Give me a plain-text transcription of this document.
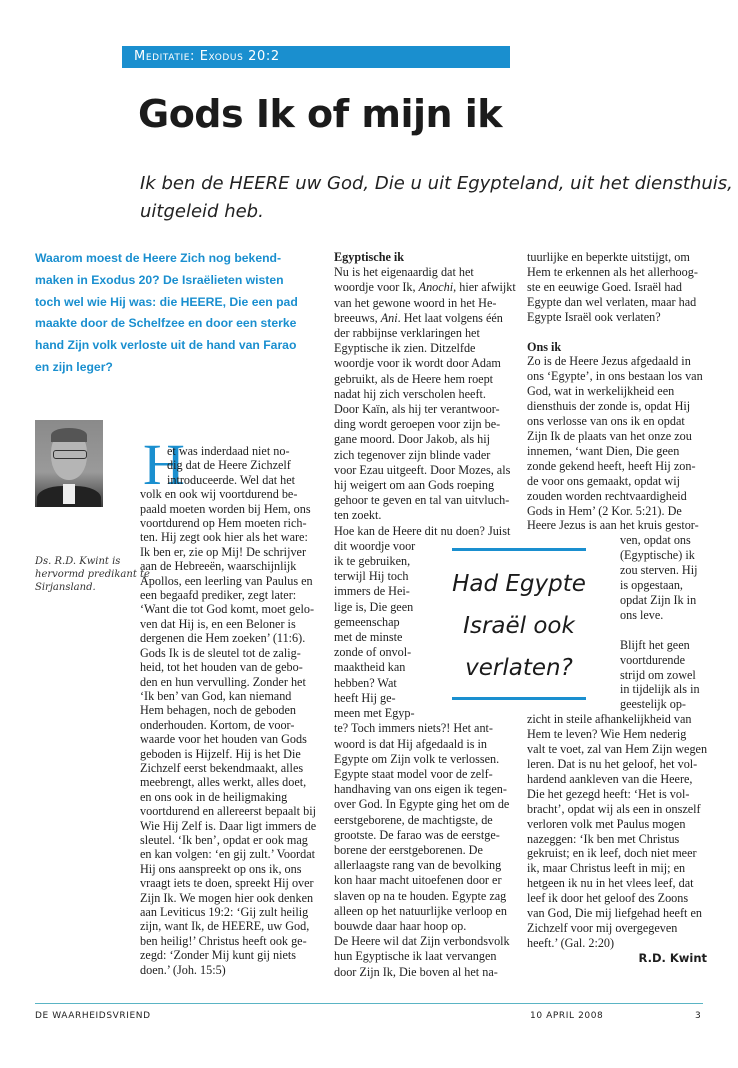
Meditatie: Exodus 20:2
Gods Ik of mijn ik
Ik ben de HEERE uw God, Die u uit Egypteland, uit het diensthuis,
uitgeleid heb.
Waarom moest de Heere Zich nog bekend-
maken in Exodus 20? De Israëlieten wisten
toch wel wie Hij was: die HEERE, Die een pad
maakte door de Schelfzee en door een sterke
hand Zijn volk verloste uit de hand van Farao
en zijn leger?
Ds. R.D. Kwint is
hervormd predikant te
Sirjansland.
H
et was inderdaad niet no-
dig dat de Heere Zichzelf
introduceerde. Wel dat het
volk en ook wij voortdurend be-
paald moeten worden bij Hem, ons
voortdurend op Hem moeten rich-
ten. Hij zegt ook hier als het ware:
Ik ben er, zie op Mij! De schrijver
aan de Hebreeën, waarschijnlijk
Apollos, een leerling van Paulus en
een begaafd prediker, zegt later:
‘Want die tot God komt, moet gelo-
ven dat Hij is, en een Beloner is
dergenen die Hem zoeken’ (11:6).
Gods Ik is de sleutel tot de zalig-
heid, tot het houden van de gebo-
den en hun vervulling. Zonder het
‘Ik ben’ van God, kan niemand
Hem behagen, noch de geboden
onderhouden. Kortom, de voor-
waarde voor het houden van Gods
geboden is Hijzelf. Hij is het Die
Zichzelf eerst bekendmaakt, alles
meebrengt, alles werkt, alles doet,
en ons ook in de heiligmaking
voortdurend en allereerst bepaalt bij
Wie Hij Zelf is. Daar ligt immers de
sleutel. ‘Ik ben’, opdat er ook mag
en kan volgen: ‘en gij zult.’ Voordat
Hij ons aanspreekt op ons ik, ons
vraagt iets te doen, spreekt Hij over
Zijn Ik. We mogen hier ook denken
aan Leviticus 19:2: ‘Gij zult heilig
zijn, want Ik, de HEERE, uw God,
ben heilig!’ Christus heeft ook ge-
zegd: ‘Zonder Mij kunt gij niets
doen.’ (Joh. 15:5)
Egyptische ik
Nu is het eigenaardig dat het
woordje voor Ik, Anochi, hier afwijkt
van het gewone woord in het He-
breeuws, Ani. Het laat volgens één
der rabbijnse verklaringen het
Egyptische ik zien. Ditzelfde
woordje voor ik wordt door Adam
gebruikt, als de Heere hem roept
nadat hij zich verscholen heeft.
Door Kaïn, als hij ter verantwoor-
ding wordt geroepen voor zijn be-
gane moord. Door Jakob, als hij
zich tegenover zijn blinde vader
voor Ezau uitgeeft. Door Mozes, als
hij weigert om aan Gods roeping
gehoor te geven en tal van uitvluch-
ten zoekt.
Hoe kan de Heere dit nu doen? Juist
dit woordje voor
ik te gebruiken,
terwijl Hij toch
immers de Hei-
lige is, Die geen
gemeenschap
met de minste
zonde of onvol-
maaktheid kan
hebben? Wat
heeft Hij ge-
meen met Egyp-
te? Toch immers niets?! Het ant-
woord is dat Hij afgedaald is in
Egypte om Zijn volk te verlossen.
Egypte staat model voor de zelf-
handhaving van ons eigen ik tegen-
over God. In Egypte ging het om de
eerstgeborene, de machtigste, de
grootste. De farao was de eerstge-
borene der eerstgeborenen. De
allerlaagste rang van de bevolking
kon haar macht uitoefenen door er
slaven op na te houden. Egypte zag
alleen op het natuurlijke verloop en
bouwde daar haar hoop op.
De Heere wil dat Zijn verbondsvolk
hun Egyptische ik laat vervangen
door Zijn Ik, Die boven al het na-
tuurlijke en beperkte uitstijgt, om
Hem te erkennen als het allerhoog-
ste en eeuwige Goed. Israël had
Egypte dan wel verlaten, maar had
Egypte Israël ook verlaten?
Ons ik
Zo is de Heere Jezus afgedaald in
ons ‘Egypte’, in ons bestaan los van
God, wat in werkelijkheid een
diensthuis der zonde is, opdat Hij
ons verlosse van ons ik en opdat
Zijn Ik de plaats van het onze zou
innemen, ‘want Dien, Die geen
zonde gekend heeft, heeft Hij zon-
de voor ons gemaakt, opdat wij
zouden worden rechtvaardigheid
Gods in Hem’ (2 Kor. 5:21). De
Heere Jezus is aan het kruis gestor-
ven, opdat ons
(Egyptische) ik
zou sterven. Hij
is opgestaan,
opdat Zijn Ik in
ons leve.
Blijft het geen
voortdurende
strijd om zowel
in tijdelijk als in
geestelijk op-
zicht in steile afhankelijkheid van
Hem te leven? Wie Hem nederig
valt te voet, zal van Hem Zijn wegen
leren. Dat is nu het geloof, het vol-
hardend aankleven van die Heere,
Die het gezegd heeft: ‘Het is vol-
bracht’, opdat wij als een in onszelf
verloren volk met Paulus mogen
nazeggen: ‘Ik ben met Christus
gekruist; en ik leef, doch niet meer
ik, maar Christus leeft in mij; en
hetgeen ik nu in het vlees leef, dat
leef ik door het geloof des Zoons
van God, Die mij liefgehad heeft en
Zichzelf voor mij overgegeven
heeft.’ (Gal. 2:20)
R.D. Kwint
Had Egypte
Israël ook
verlaten?
DE WAARHEIDSVRIEND	10 APRIL 2008	3
